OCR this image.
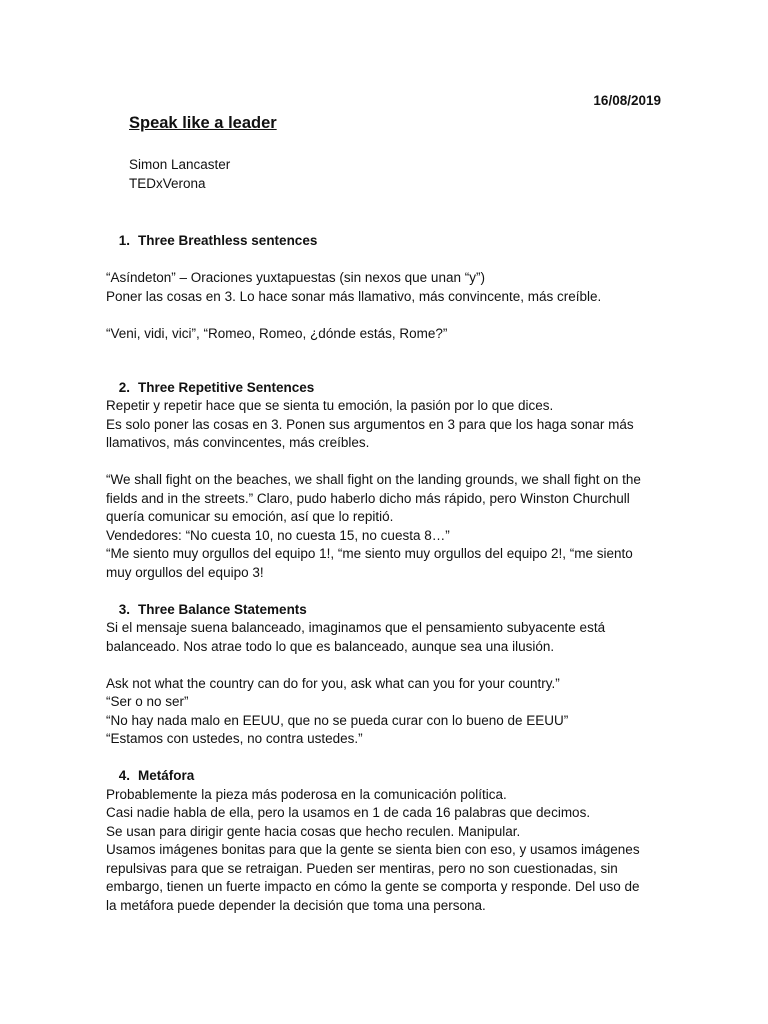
16/08/2019
Speak like a leader
Simon Lancaster
TEDxVerona
1. Three Breathless sentences

“Asíndeton” – Oraciones yuxtapuestas (sin nexos que unan “y”)

Poner las cosas en 3. Lo hace sonar más llamativo, más convincente, más creíble.

“Veni, vidi, vici”, “Romeo, Romeo, ¿dónde estás, Rome?”

2. Three Repetitive Sentences

Repetir y repetir hace que se sienta tu emoción, la pasión por lo que dices.

Es solo poner las cosas en 3. Ponen sus argumentos en 3 para que los haga sonar más

llamativos, más convincentes, más creíbles.

“We shall fight on the beaches, we shall fight on the landing grounds, we shall fight on the

fields and in the streets.” Claro, pudo haberlo dicho más rápido, pero Winston Churchull

quería comunicar su emoción, así que lo repitió.

Vendedores: “No cuesta 10, no cuesta 15, no cuesta 8…”

“Me siento muy orgullos del equipo 1!, “me siento muy orgullos del equipo 2!, “me siento

muy orgullos del equipo 3!

3. Three Balance Statements

Si el mensaje suena balanceado, imaginamos que el pensamiento subyacente está

balanceado. Nos atrae todo lo que es balanceado, aunque sea una ilusión.

Ask not what the country can do for you, ask what can you for your country.”

“Ser o no ser”

“No hay nada malo en EEUU, que no se pueda curar con lo bueno de EEUU”

“Estamos con ustedes, no contra ustedes.”

4. Metáfora

Probablemente la pieza más poderosa en la comunicación política.

Casi nadie habla de ella, pero la usamos en 1 de cada 16 palabras que decimos.

Se usan para dirigir gente hacia cosas que hecho reculen. Manipular.

Usamos imágenes bonitas para que la gente se sienta bien con eso, y usamos imágenes

repulsivas para que se retraigan. Pueden ser mentiras, pero no son cuestionadas, sin

embargo, tienen un fuerte impacto en cómo la gente se comporta y responde. Del uso de

la metáfora puede depender la decisión que toma una persona.
